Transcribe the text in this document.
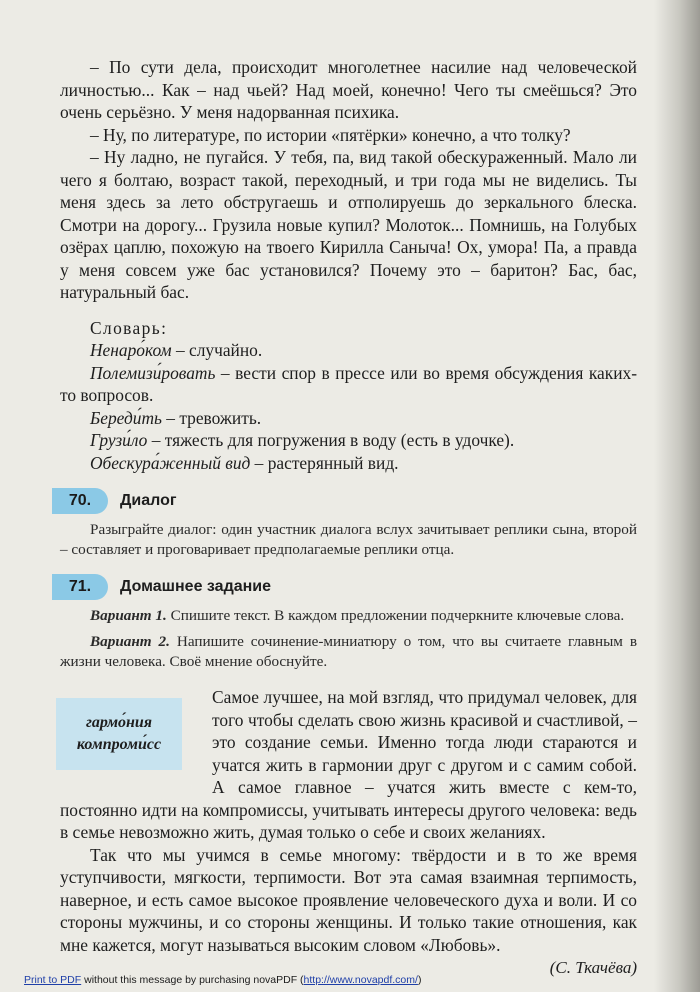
– По сути дела, происходит многолетнее насилие над человеческой личностью... Как – над чьей? Над моей, конечно! Чего ты смеёшься? Это очень серьёзно. У меня надорванная психика.

– Ну, по литературе, по истории «пятёрки» конечно, а что толку?

– Ну ладно, не пугайся. У тебя, па, вид такой обескураженный. Мало ли чего я болтаю, возраст такой, переходный, и три года мы не виделись. Ты меня здесь за лето обстругаешь и отполируешь до зеркального блеска. Смотри на дорогу... Грузила новые купил? Молоток... Помнишь, на Голубых озёрах цаплю, похожую на твоего Кирилла Саныча! Ох, умора! Па, а правда у меня совсем уже бас установился? Почему это – баритон? Бас, бас, натуральный бас.

Словарь:

Ненаро́ком – случайно.

Полемизи́ровать – вести спор в прессе или во время обсуждения каких-то вопросов.

Береди́ть – тревожить.

Грузи́ло – тяжесть для погружения в воду (есть в удочке).

Обескура́женный вид – растерянный вид.

70.	Диалог

Разыграйте диалог: один участник диалога вслух зачитывает реплики сына, второй – составляет и проговаривает предполагаемые реплики отца.

71.	Домашнее задание

Вариант 1. Спишите текст. В каждом предложении подчеркните ключевые слова.

Вариант 2. Напишите сочинение-миниатюру о том, что вы считаете главным в жизни человека. Своё мнение обоснуйте.

гармо́ния
компроми́сс

Самое лучшее, на мой взгляд, что придумал человек, для того чтобы сделать свою жизнь красивой и счастливой, – это создание семьи. Именно тогда люди стараются и учатся жить в гармонии друг с другом и с самим собой. А самое главное – учатся жить вместе с кем-то, постоянно идти на компромиссы, учитывать интересы другого человека: ведь в семье невозможно жить, думая только о себе и своих желаниях.

Так что мы учимся в семье многому: твёрдости и в то же время уступчивости, мягкости, терпимости. Вот эта самая взаимная терпимость, наверное, и есть самое высокое проявление человеческого духа и воли. И со стороны мужчины, и со стороны женщины. И только такие отношения, как мне кажется, могут называться высоким словом «Любовь».

(С. Ткачёва)

Print to PDF without this message by purchasing novaPDF (http://www.novapdf.com/)
